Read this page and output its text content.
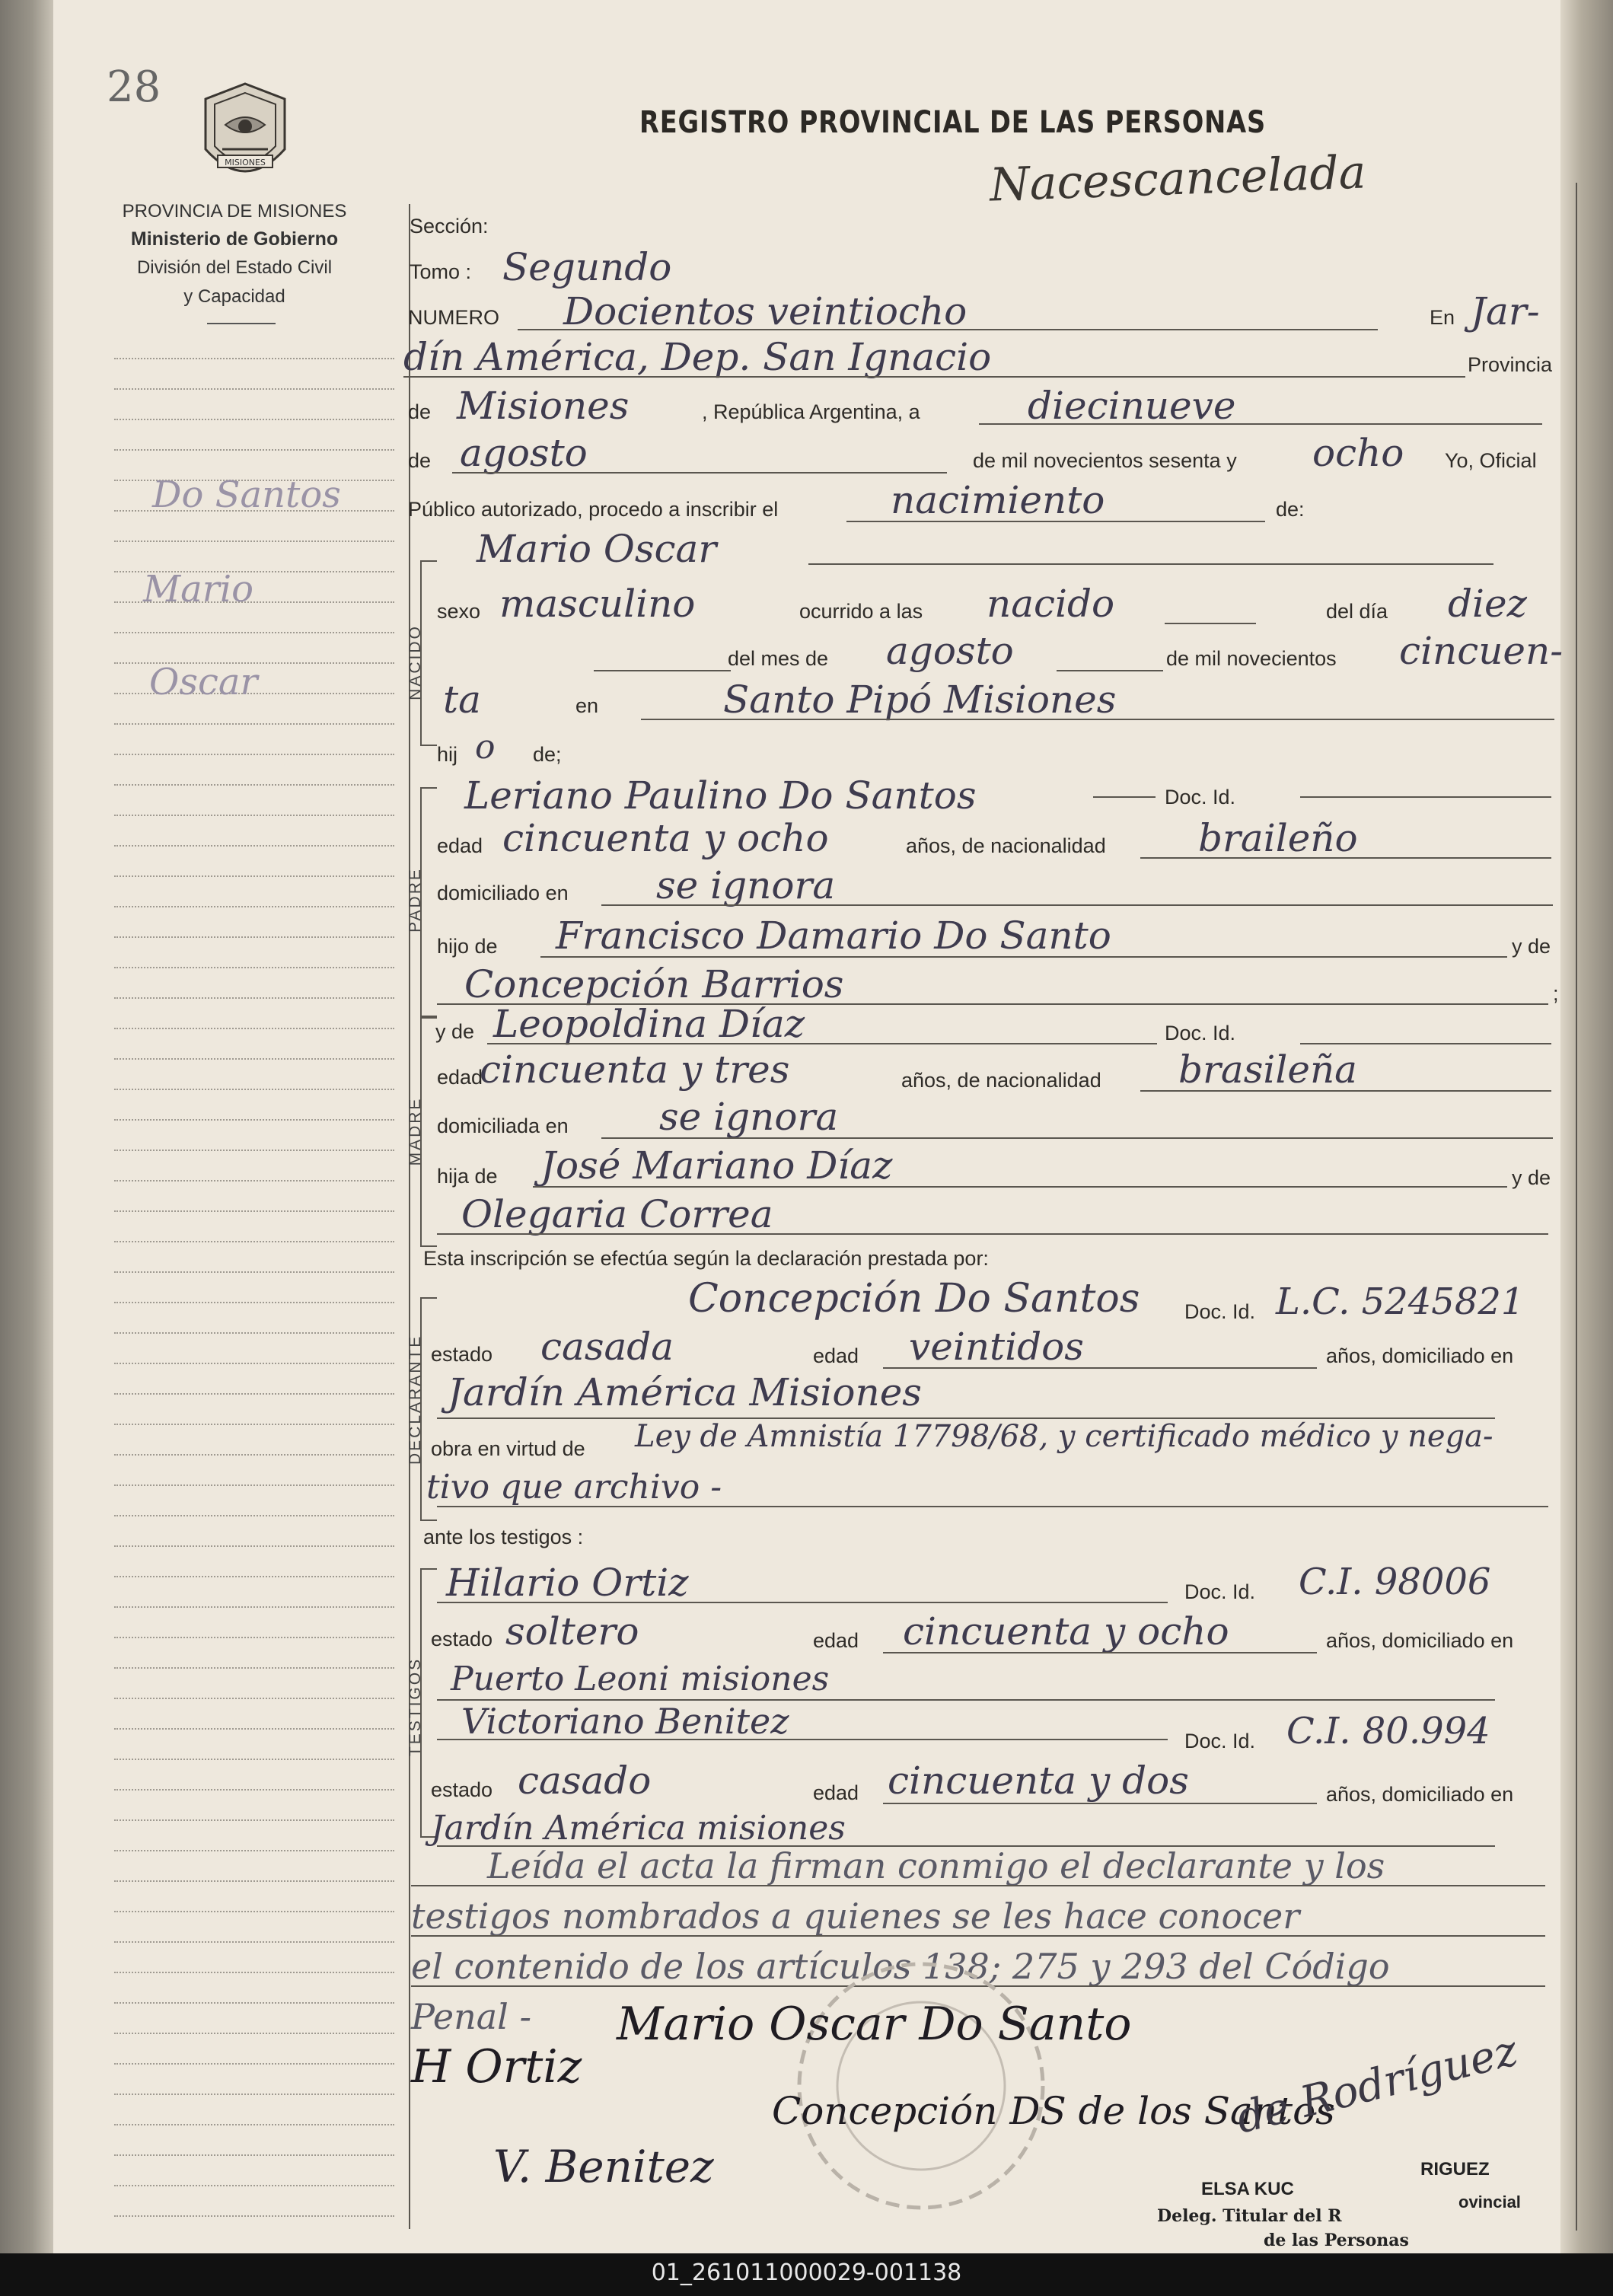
28
MISIONES
PROVINCIA DE MISIONES
Ministerio de Gobierno
División del Estado Civil
y Capacidad
REGISTRO PROVINCIAL DE LAS PERSONAS
Nacescancelada
Do Santos
Mario
Oscar
Sección:
Tomo : Segundo
NUMERO Docientos veintiocho	En Jar-
dín América, Dep. San Ignacio	Provincia
de Misiones	, República Argentina, a	diecinueve
de agosto	de mil novecientos sesenta y ocho Yo, Oficial
Público autorizado, procedo a inscribir el	nacimiento	de:
NACIDO
Mario Oscar
sexo masculino	ocurrido a las nacido	del día diez
del mes de agosto	de mil novecientos cincuen-
ta	en	Santo Pipó Misiones
hij o de;
PADRE
Leriano Paulino Do Santos	Doc. Id.
edad cincuenta y ocho	años, de nacionalidad braileño
domiciliado en se ignora
hijo de Francisco Damario Do Santo	y de
Concepción Barrios	;
MADRE
y de Leopoldina Díaz	Doc. Id.
edad
cincuenta y tres	años, de nacionalidad brasileña
domiciliada en se ignora
hija de José Mariano Díaz	y de
Olegaria Correa
Esta inscripción se efectúa según la declaración prestada por:
DECLARANTE
Concepción Do Santos Doc. Id. L.C. 5245821
estado casada	edad veintidos	años, domiciliado en
Jardín América Misiones
obra en virtud de Ley de Amnistía 17798/68, y certificado médico y nega-
tivo que archivo -
ante los testigos :
TESTIGOS
Hilario Ortiz	Doc. Id. C.I. 98006
estado soltero	edad cincuenta y ocho	años, domiciliado en
Puerto Leoni misiones
Victoriano Benitez	Doc. Id. C.I. 80.994
estado casado	edad cincuenta y dos	años, domiciliado en
Jardín América misiones
Leída el acta la firman conmigo el declarante y los
testigos nombrados a quienes se les hace conocer
el contenido de los artículos 138; 275 y 293 del Código
Penal - Mario Oscar Do Santo
H Ortiz
V. Benitez
Concepción DS de los Santos
de Rodríguez
ELSA KUC
RIGUEZ
Deleg. Titular del R
ovincial
de las Personas
01_261011000029-001138
